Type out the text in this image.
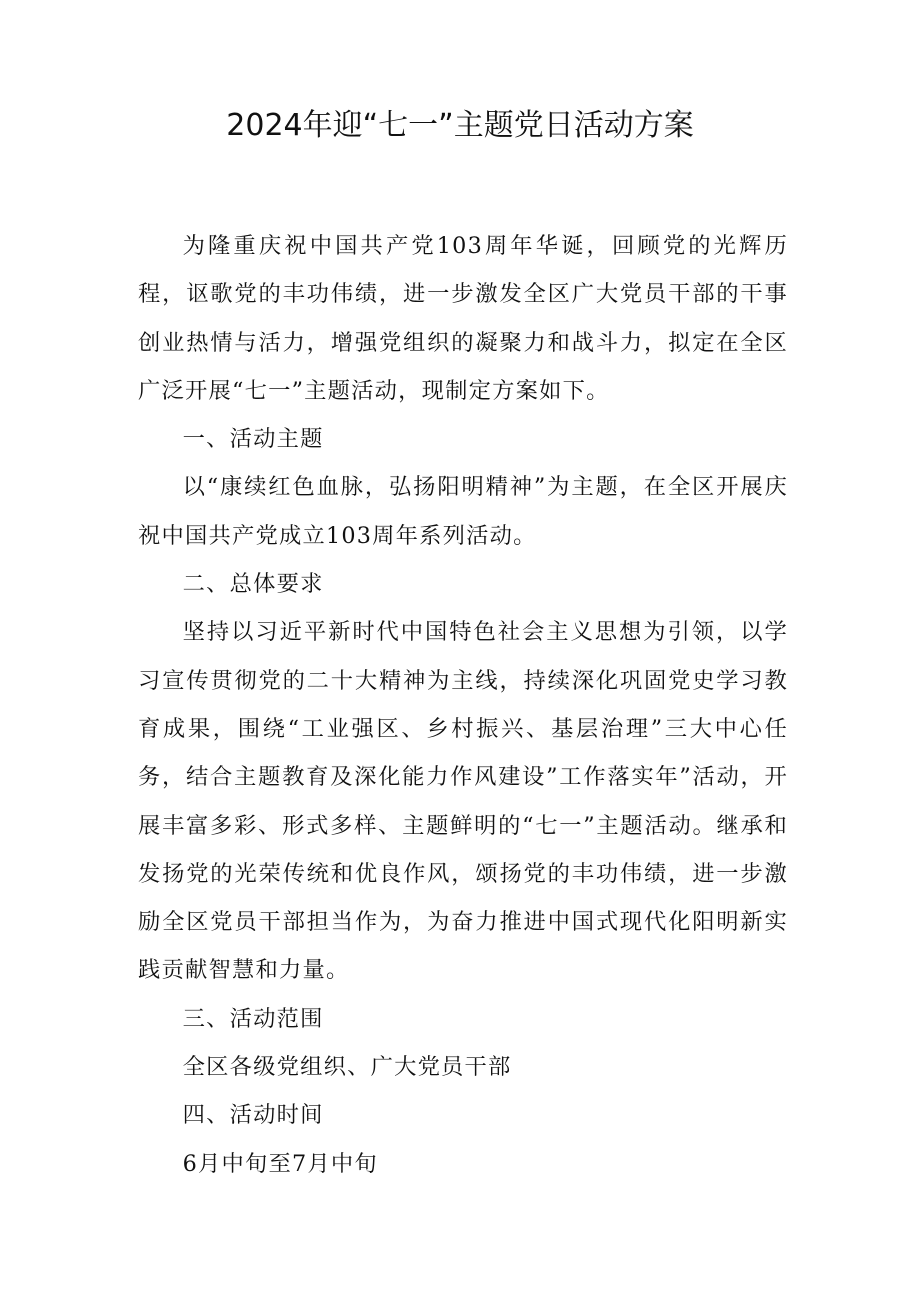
2024年迎“七一”主题党日活动方案

为隆重庆祝中国共产党103周年华诞，回顾党的光辉历程，讴歌党的丰功伟绩，进一步激发全区广大党员干部的干事创业热情与活力，增强党组织的凝聚力和战斗力，拟定在全区广泛开展“七一”主题活动，现制定方案如下。

一、活动主题

以“康续红色血脉，弘扬阳明精神”为主题，在全区开展庆祝中国共产党成立103周年系列活动。

二、总体要求

坚持以习近平新时代中国特色社会主义思想为引领，以学习宣传贯彻党的二十大精神为主线，持续深化巩固党史学习教育成果，围绕“工业强区、乡村振兴、基层治理”三大中心任务，结合主题教育及深化能力作风建设”工作落实年”活动，开展丰富多彩、形式多样、主题鲜明的“七一”主题活动。继承和发扬党的光荣传统和优良作风，颂扬党的丰功伟绩，进一步激励全区党员干部担当作为，为奋力推进中国式现代化阳明新实践贡献智慧和力量。

三、活动范围

全区各级党组织、广大党员干部

四、活动时间

6月中旬至7月中旬
